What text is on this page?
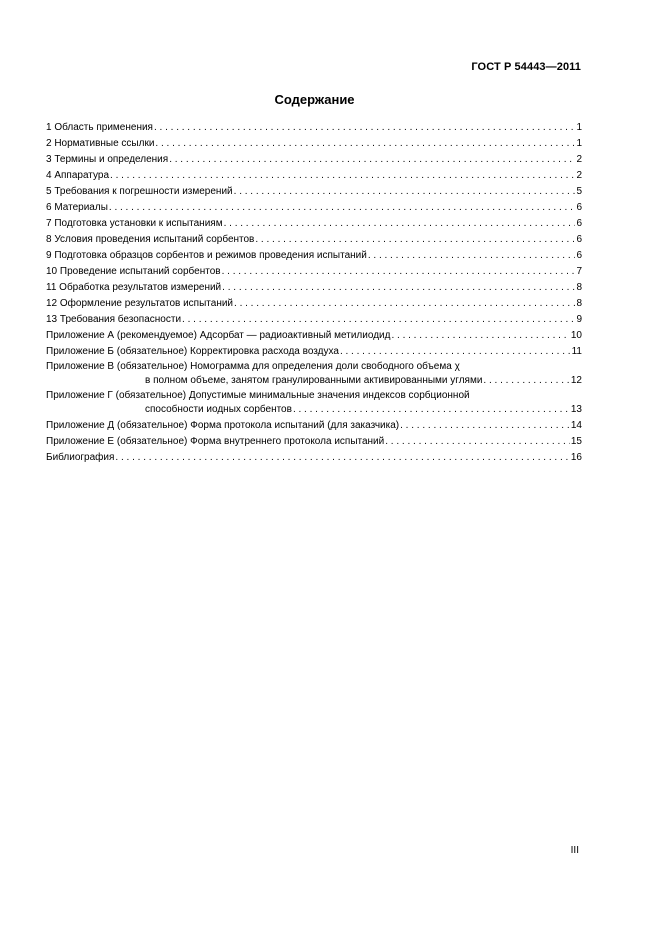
ГОСТ Р 54443—2011
Содержание
1 Область применения . . .	1
2 Нормативные ссылки . . .	1
3 Термины и определения . . .	2
4 Аппаратура . . .	2
5 Требования к погрешности измерений . . .	5
6 Материалы . . .	6
7 Подготовка установки к испытаниям . . .	6
8 Условия проведения испытаний сорбентов . . .	6
9 Подготовка образцов сорбентов и режимов проведения испытаний . . .	6
10 Проведение испытаний сорбентов . . .	7
11 Обработка результатов измерений . . .	8
12 Оформление результатов испытаний . . .	8
13 Требования безопасности . . .	9
Приложение А (рекомендуемое) Адсорбат — радиоактивный метилиодид . . .	10
Приложение Б (обязательное) Корректировка расхода воздуха . . .	11
Приложение В (обязательное) Номограмма для определения доли свободного объема χ
в полном объеме, занятом гранулированными активированными углями . . .	12
Приложение Г (обязательное) Допустимые минимальные значения индексов сорбционной
способности иодных сорбентов . . .	13
Приложение Д (обязательное) Форма протокола испытаний (для заказчика) . . .	14
Приложение Е (обязательное) Форма внутреннего протокола испытаний . . .	15
Библиография . . .	16
III
